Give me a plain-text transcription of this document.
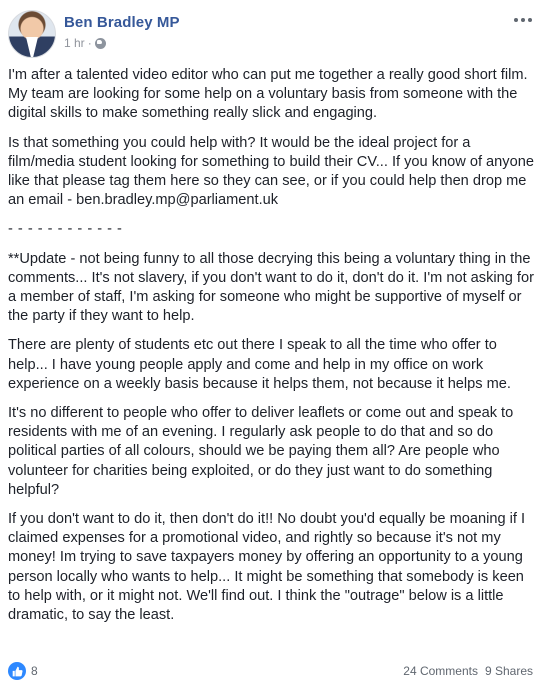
Ben Bradley MP
1 hr ·

I'm after a talented video editor who can put me together a really good short film. My team are looking for some help on a voluntary basis from someone with the digital skills to make something really slick and engaging.

Is that something you could help with? It would be the ideal project for a film/media student looking for something to build their CV... If you know of anyone like that please tag them here so they can see, or if you could help then drop me an email - ben.bradley.mp@parliament.uk

- - - - - - - - - - - -

**Update - not being funny to all those decrying this being a voluntary thing in the comments... It's not slavery, if you don't want to do it, don't do it. I'm not asking for a member of staff, I'm asking for someone who might be supportive of myself or the party if they want to help.

There are plenty of students etc out there I speak to all the time who offer to help... I have young people apply and come and help in my office on work experience on a weekly basis because it helps them, not because it helps me.

It's no different to people who offer to deliver leaflets or come out and speak to residents with me of an evening. I regularly ask people to do that and so do political parties of all colours, should we be paying them all? Are people who volunteer for charities being exploited, or do they just want to do something helpful?

If you don't want to do it, then don't do it!! No doubt you'd equally be moaning if I claimed expenses for a promotional video, and rightly so because it's not my money! Im trying to save taxpayers money by offering an opportunity to a young person locally who wants to help... It might be something that somebody is keen to help with, or it might not. We'll find out. I think the "outrage" below is a little dramatic, to say the least.

8	24 Comments 9 Shares
